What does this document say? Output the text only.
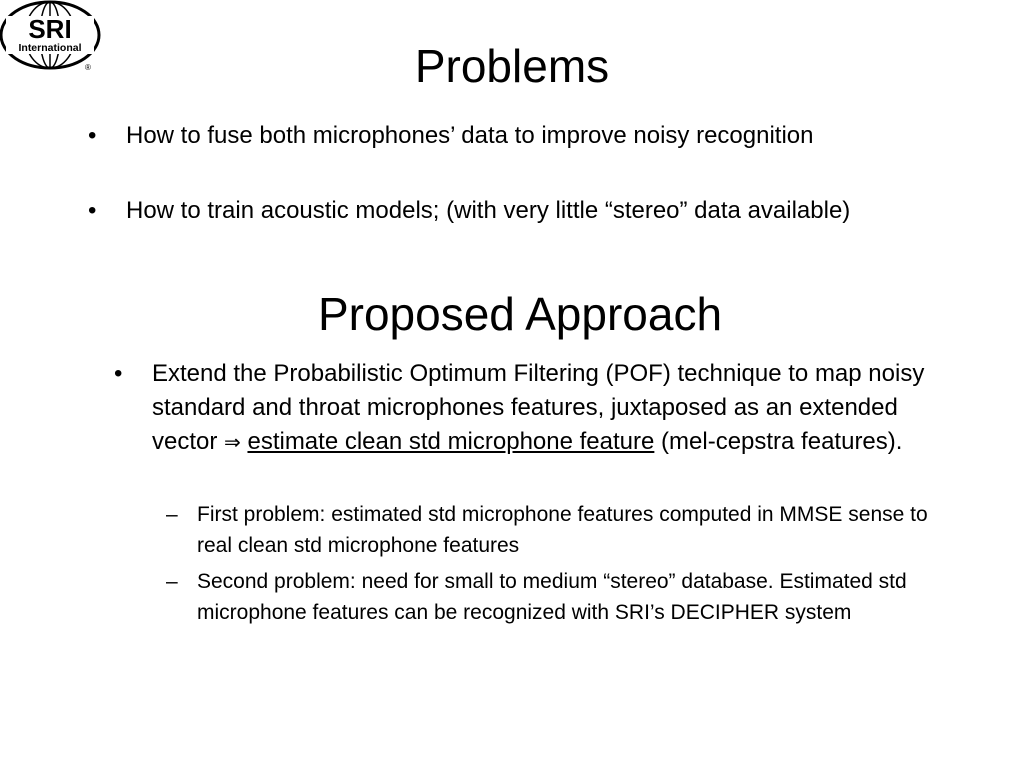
SRI
International
®	Problems
• How to fuse both microphones’ data to improve noisy recognition
• How to train acoustic models; (with very little “stereo” data available)
Proposed Approach
• Extend the Probabilistic Optimum Filtering (POF) technique to map noisy standard and throat microphones features, juxtaposed as an extended vector ⇒ estimate clean std microphone feature (mel-cepstra features).
– First problem: estimated std microphone features computed in MMSE sense to real clean std microphone features
– Second problem: need for small to medium “stereo” database. Estimated std microphone features can be recognized with SRI’s DECIPHER system
